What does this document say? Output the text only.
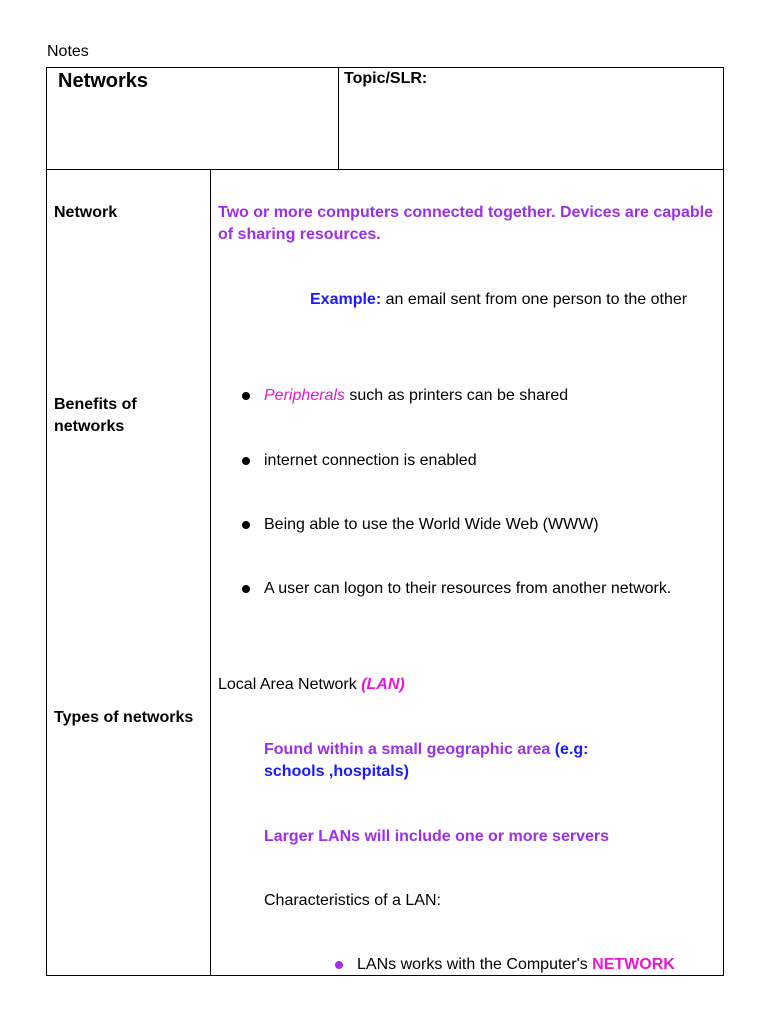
Notes
Networks	Topic/SLR:
Network	Two or more computers connected together. Devices are capable of sharing resources.
Example: an email sent from one person to the other
Benefits of networks
Peripherals such as printers can be shared
internet connection is enabled
Being able to use the World Wide Web (WWW)
A user can logon to their resources from another network.
Types of networks
Local Area Network (LAN)
Found within a small geographic area (e.g:
schools ,hospitals)
Larger LANs will include one or more servers
Characteristics of a LAN:
LANs works with the Computer's NETWORK
